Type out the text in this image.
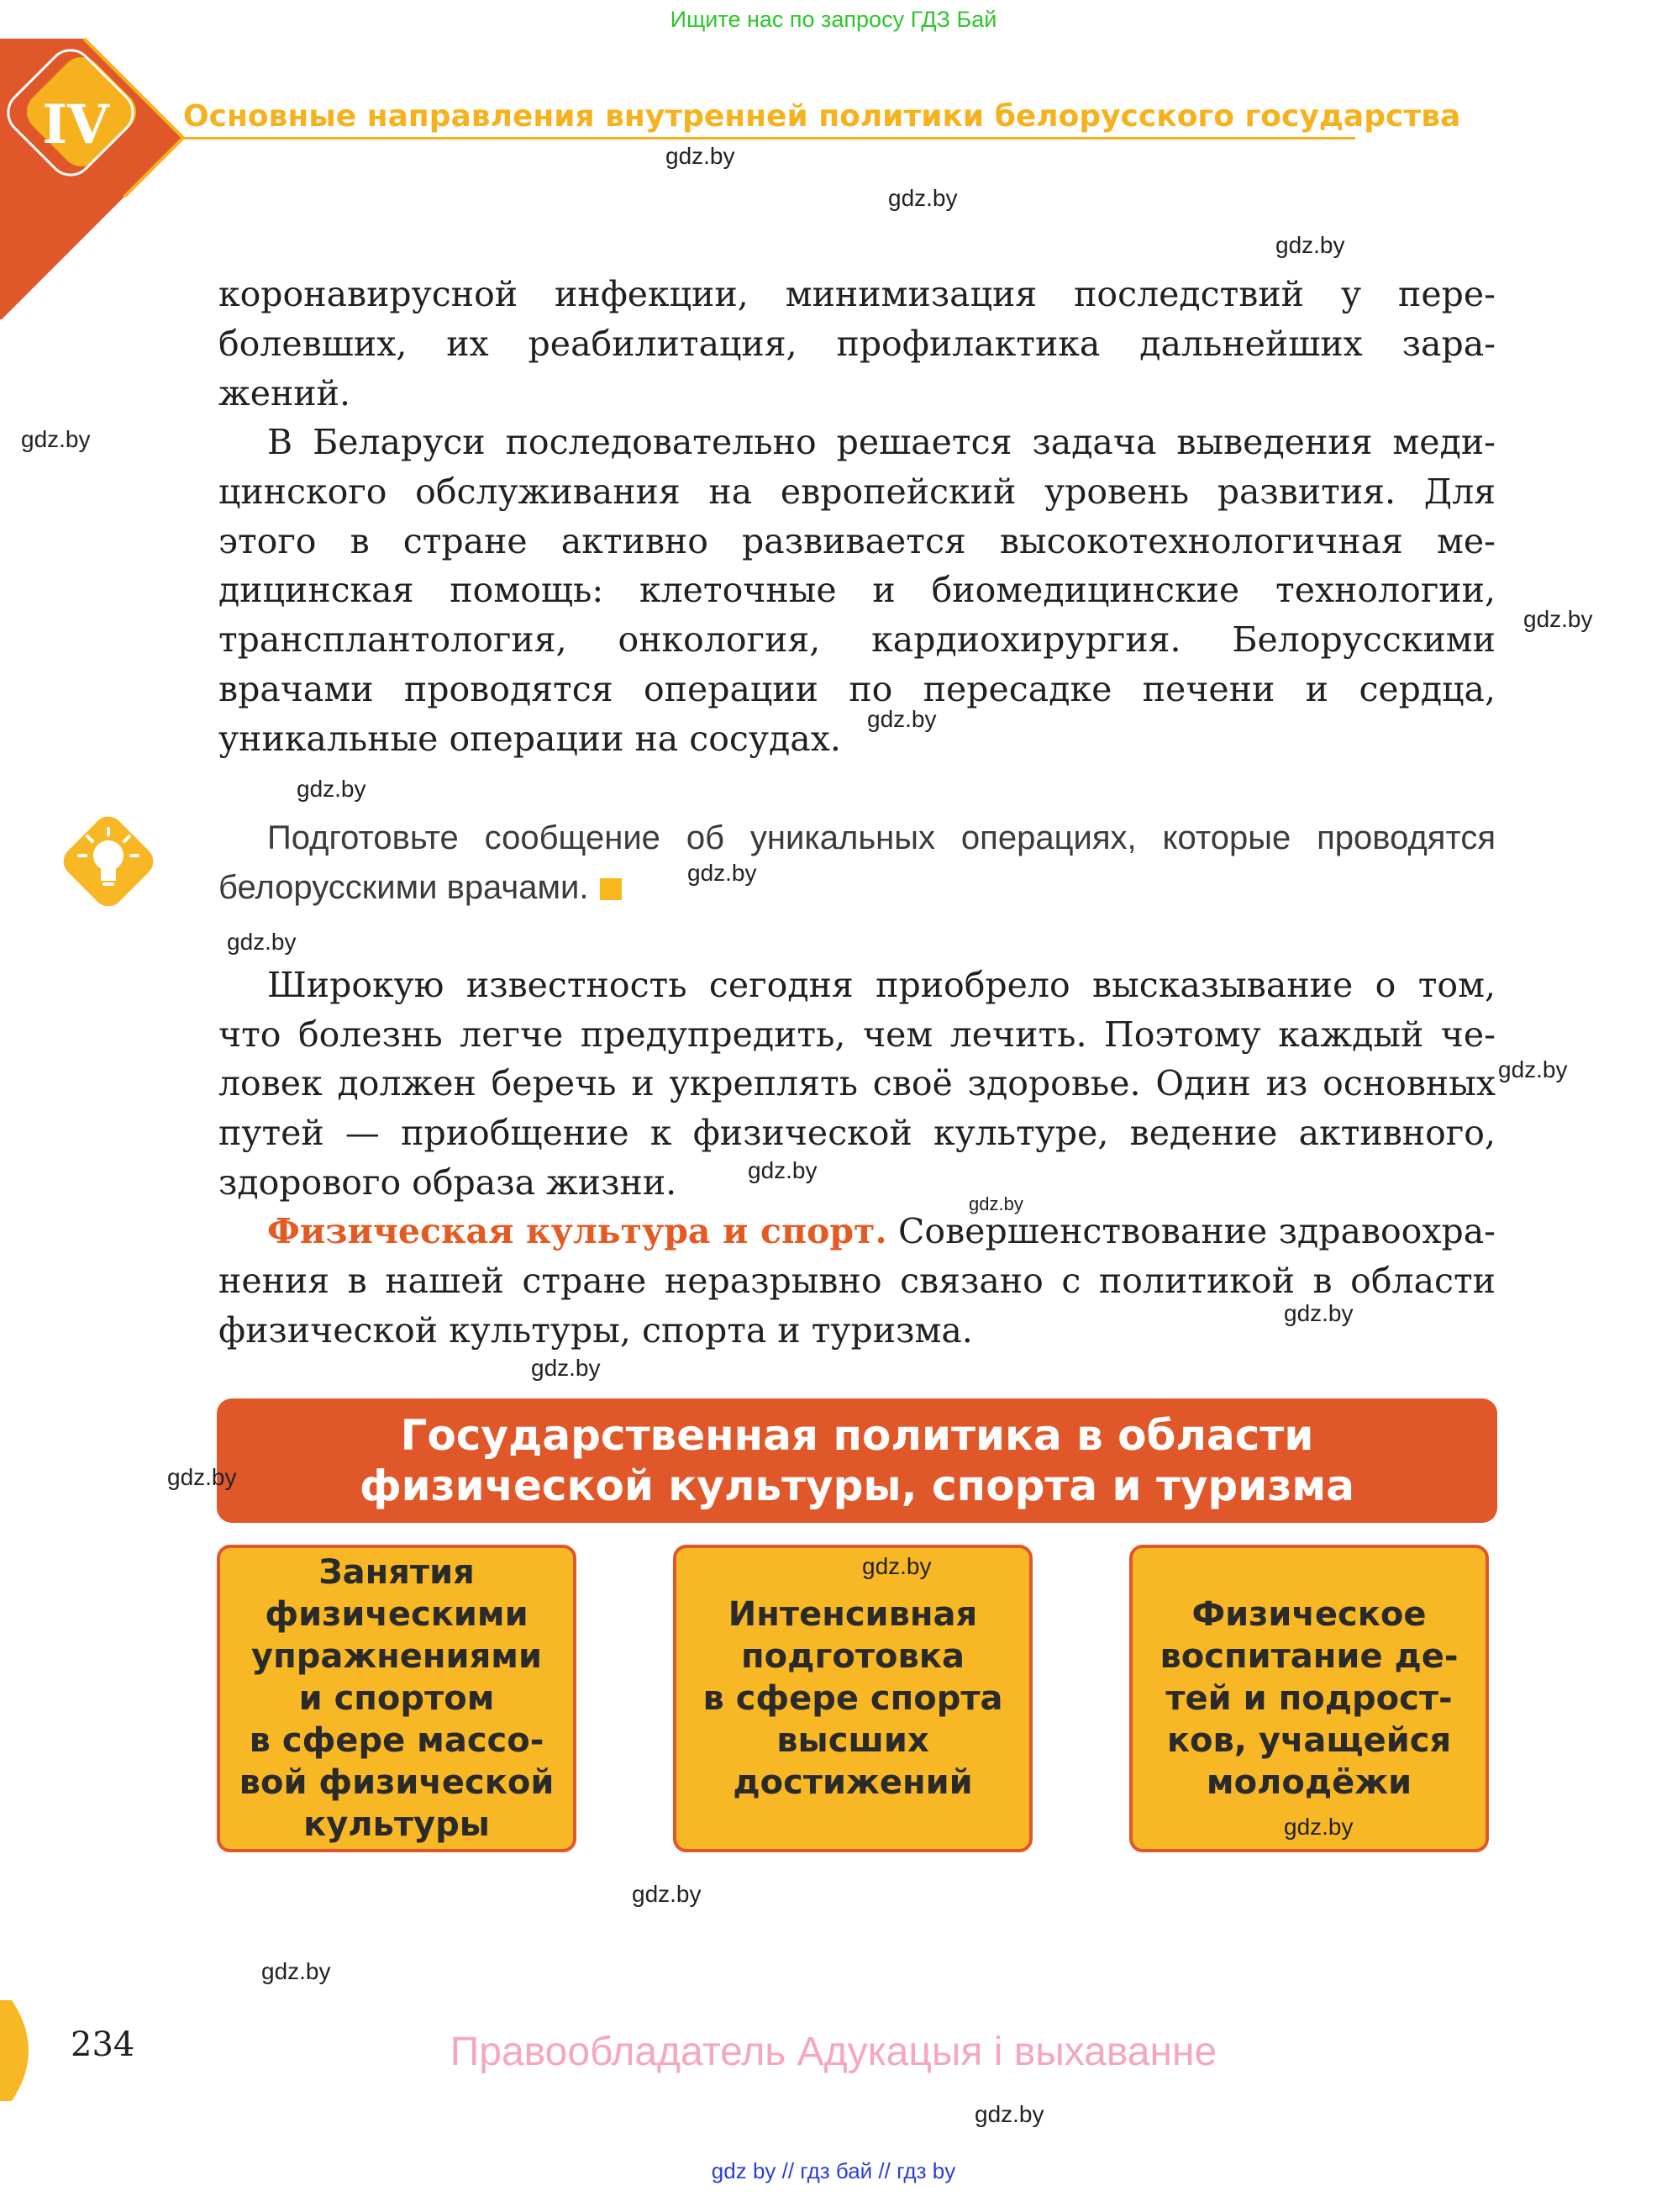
Ищите нас по запросу ГДЗ Бай
IV Основные направления внутренней политики белорусского государства
коронавирусной инфекции, минимизация последствий у пере-
болевших, их реабилитация, профилактика дальнейших зара-
жений.
В Беларуси последовательно решается задача выведения меди-
цинского обслуживания на европейский уровень развития. Для
этого в стране активно развивается высокотехнологичная ме-
дицинская помощь: клеточные и биомедицинские технологии,
трансплантология, онкология, кардиохирургия. Белорусскими
врачами проводятся операции по пересадке печени и сердца,
уникальные операции на сосудах.
Подготовьте сообщение об уникальных операциях, которые проводятся
белорусскими врачами.
Широкую известность сегодня приобрело высказывание о том,
что болезнь легче предупредить, чем лечить. Поэтому каждый че-
ловек должен беречь и укреплять своё здоровье. Один из основных
путей — приобщение к физической культуре, ведение активного,
здорового образа жизни.
Физическая культура и спорт. Совершенствование здравоохра-
нения в нашей стране неразрывно связано с политикой в области
физической культуры, спорта и туризма.
Государственная политика в области
физической культуры, спорта и туризма
Занятия
физическими
упражнениями
и спортом
в сфере массо-
вой физической
культуры
Интенсивная
подготовка
в сфере спорта
высших
достижений
Физическое
воспитание де-
тей и подрост-
ков, учащейся
молодёжи
gdz.by
gdz.by
gdz.by
gdz.by
gdz.by
gdz.by
gdz.by
gdz.by
gdz.by
gdz.by
gdz.by
gdz.by
gdz.by
gdz.by
gdz.by
gdz.by
gdz.by
gdz.by
gdz.by
gdz.by
234	Правообладатель Адукацыя і выхаванне
gdz by // гдз бай // гдз by
